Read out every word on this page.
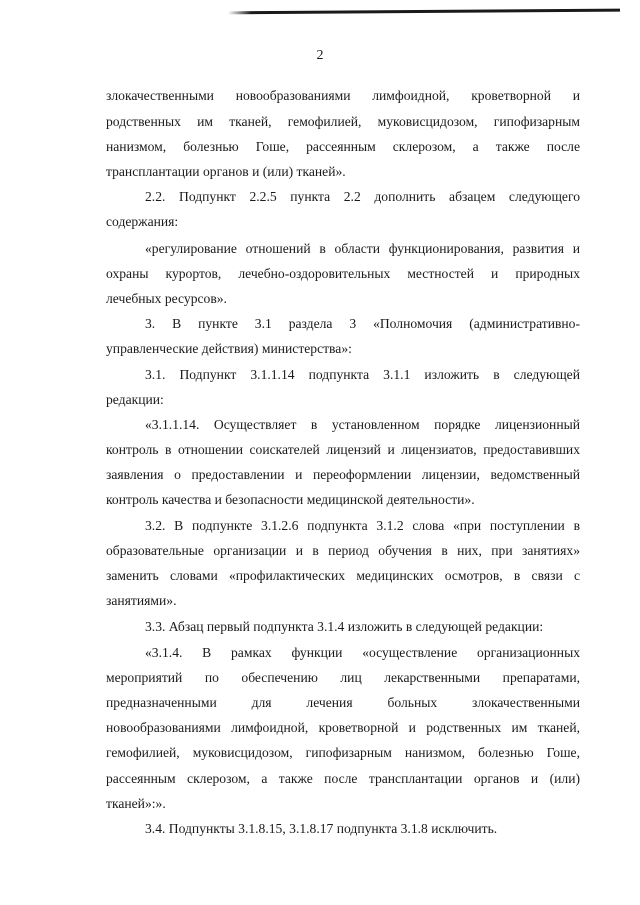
2
злокачественными новообразованиями лимфоидной, кроветворной и
родственных им тканей, гемофилией, муковисцидозом, гипофизарным
нанизмом, болезнью Гоше, рассеянным склерозом, а также после
трансплантации органов и (или) тканей».
2.2. Подпункт 2.2.5 пункта 2.2 дополнить абзацем следующего
содержания:
«регулирование отношений в области функционирования, развития и
охраны курортов, лечебно-оздоровительных местностей и природных
лечебных ресурсов».
3. В пункте 3.1 раздела 3 «Полномочия (административно-
управленческие действия) министерства»:
3.1. Подпункт 3.1.1.14 подпункта 3.1.1 изложить в следующей
редакции:
«3.1.1.14. Осуществляет в установленном порядке лицензионный
контроль в отношении соискателей лицензий и лицензиатов, предоставивших
заявления о предоставлении и переоформлении лицензии, ведомственный
контроль качества и безопасности медицинской деятельности».
3.2. В подпункте 3.1.2.6 подпункта 3.1.2 слова «при поступлении в
образовательные организации и в период обучения в них, при занятиях»
заменить словами «профилактических медицинских осмотров, в связи с
занятиями».
3.3. Абзац первый подпункта 3.1.4 изложить в следующей редакции:
«3.1.4. В рамках функции «осуществление организационных
мероприятий по обеспечению лиц лекарственными препаратами,
предназначенными для лечения больных злокачественными
новообразованиями лимфоидной, кроветворной и родственных им тканей,
гемофилией, муковисцидозом, гипофизарным нанизмом, болезнью Гоше,
рассеянным склерозом, а также после трансплантации органов и (или)
тканей»:».
3.4. Подпункты 3.1.8.15, 3.1.8.17 подпункта 3.1.8 исключить.
